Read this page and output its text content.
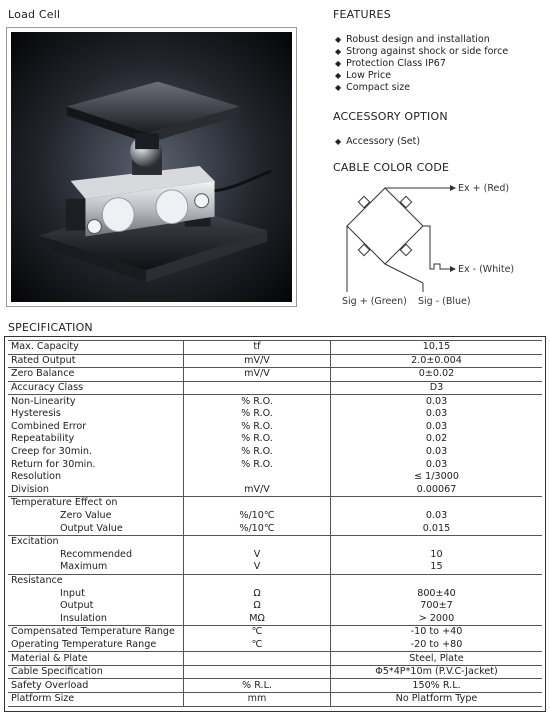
Load Cell	FEATURES
◆ Robust design and installation
◆ Strong against shock or side force
◆ Protection Class IP67
◆ Low Price
◆ Compact size
ACCESSORY OPTION
◆ Accessory (Set)
CABLE COLOR CODE
Ex + (Red)
Ex - (White)
Sig + (Green) Sig - (Blue)
SPECIFICATION
Max. Capacity	tf	10,15
Rated Output	mV/V	2.0±0.004
Zero Balance	mV/V	0±0.02
Accuracy Class		D3
Non-Linearity	% R.O.	0.03
Hysteresis	% R.O.	0.03
Combined Error	% R.O.	0.03
Repeatability	% R.O.	0.02
Creep for 30min.	% R.O.	0.03
Return for 30min.	% R.O.	0.03
Resolution		≤ 1/3000
Division	mV/V	0.00067
Temperature Effect on		
Zero Value	%/10℃	0.03
Output Value	%/10℃	0.015
Excitation		
Recommended	V	10
Maximum	V	15
Resistance		
Input	Ω	800±40
Output	Ω	700±7
Insulation	MΩ	> 2000
Compensated Temperature Range	℃	-10 to +40
Operating Temperature Range	℃	-20 to +80
Material & Plate		Steel, Plate
Cable Specification		Φ5*4P*10m (P.V.C-Jacket)
Safety Overload	% R.L.	150% R.L.
Platform Size	mm	No Platform Type
